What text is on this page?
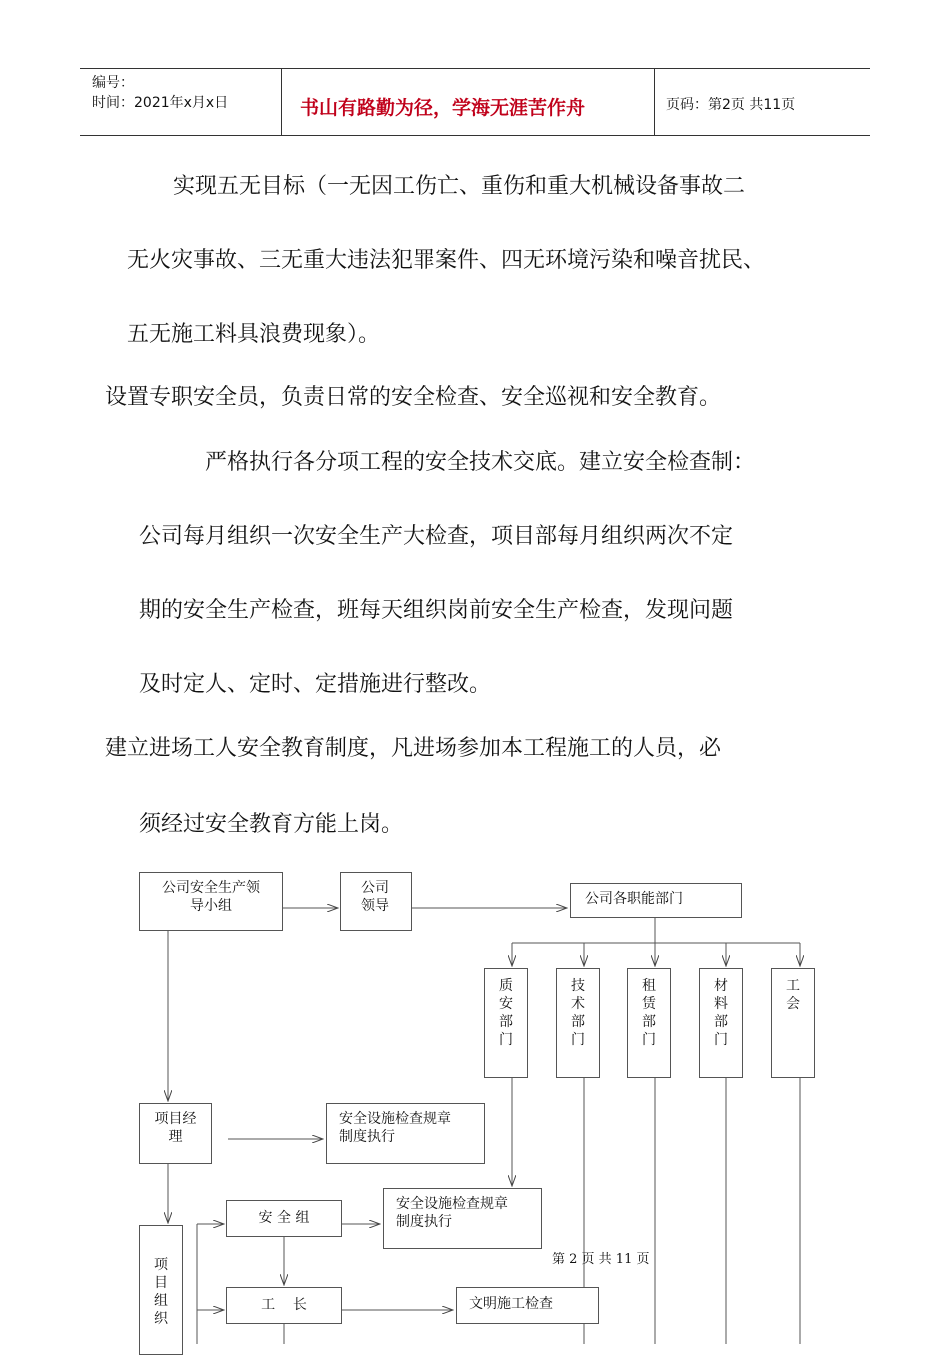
编号：
时间：2021年x月x日	书山有路勤为径，学海无涯苦作舟	页码：第2页 共11页
实现五无目标（一无因工伤亡、重伤和重大机械设备事故二
无火灾事故、三无重大违法犯罪案件、四无环境污染和噪音扰民、
五无施工料具浪费现象）。
设置专职安全员，负责日常的安全检查、安全巡视和安全教育。
严格执行各分项工程的安全技术交底。建立安全检查制：
公司每月组织一次安全生产大检查，项目部每月组织两次不定
期的安全生产检查，班每天组织岗前安全生产检查，发现问题
及时定人、定时、定措施进行整改。
建立进场工人安全教育制度，凡进场参加本工程施工的人员，必
须经过安全教育方能上岗。
公司安全生产领
导小组
公司
领导	公司各职能部门
质
安
部
门
技
术
部
门
租
赁
部
门
材
料
部
门
工
会
项目经
理
安全设施检查规章
制度执行
安 全 组
安全设施检查规章
制度执行
项
目
组
织
工    长	文明施工检查
第 2 页 共 11 页
